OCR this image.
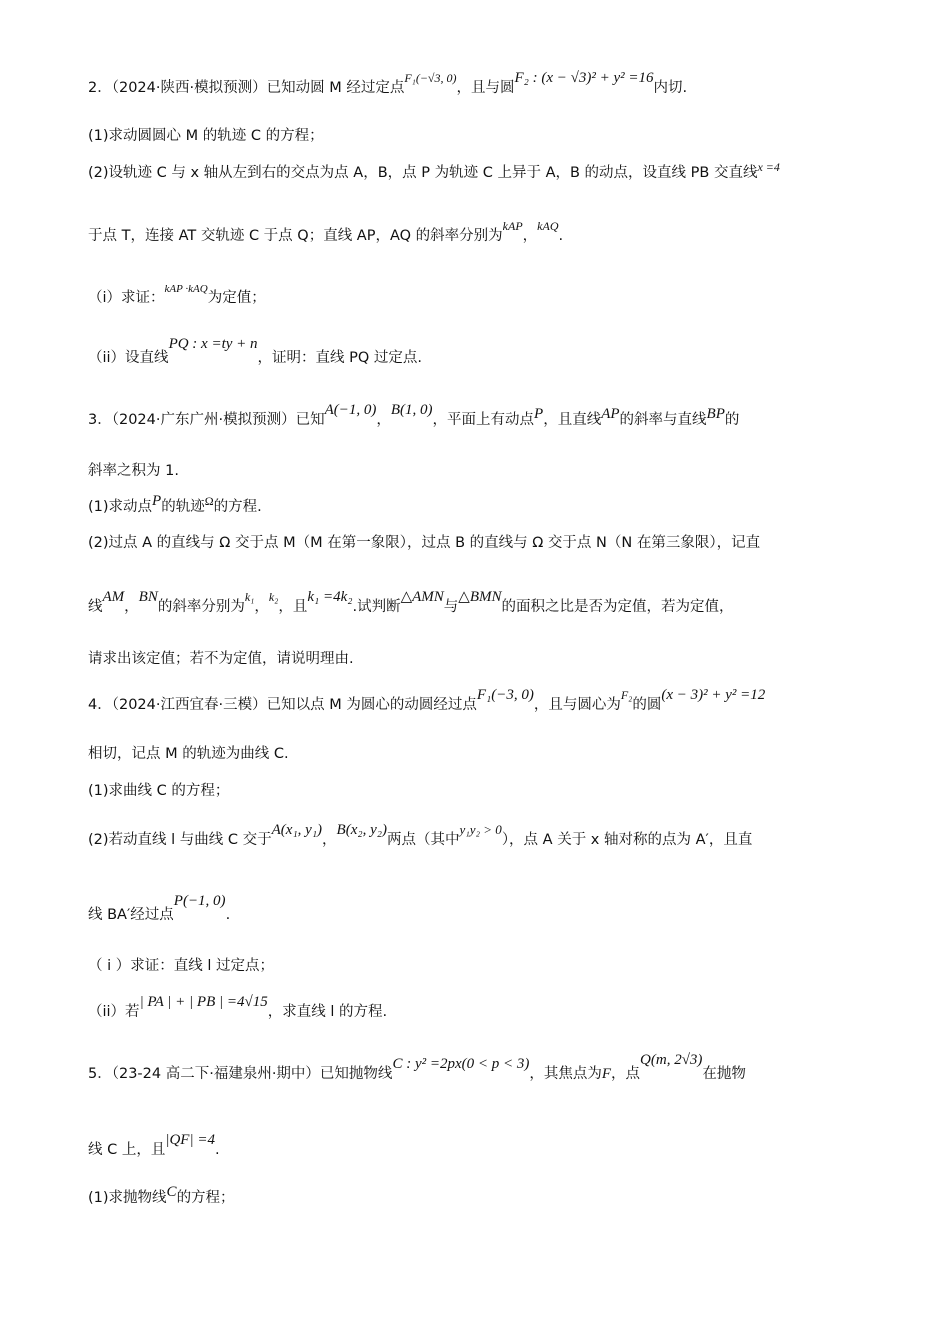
2．（2024·陕西·模拟预测）已知动圆 M 经过定点$^{F_1(-√3, 0)}$，且与圆F₂ : (x − √3)² + y² =16内切.
(1)求动圆圆心 M 的轨迹 C 的方程；
(2)设轨迹 C 与 x 轴从左到右的交点为点 A，B，点 P 为轨迹 C 上异于 A，B 的动点，设直线 PB 交直线$^{x =4}$
于点 T，连接 AT 交轨迹 C 于点 Q；直线 AP，AQ 的斜率分别为$^{kAP}$，$^{kAQ}$.
（i）求证：$^{kAP \cdot kAQ}$为定值；
（ii）设直线PQ : x =ty + n，证明：直线 PQ 过定点.
3．（2024·广东广州·模拟预测）已知A(−1, 0)，B(1, 0)，平面上有动点P，且直线AP的斜率与直线BP的
斜率之积为 1.
(1)求动点P的轨迹$^\Omega$的方程.
(2)过点 A 的直线与 Ω 交于点 M（M 在第一象限），过点 B 的直线与 Ω 交于点 N（N 在第三象限），记直
线AM，BN的斜率分别为$^{k_1}$，$^{k_2}$，且k₁ =4k₂.试判断△AMN与△BMN的面积之比是否为定值，若为定值，
请求出该定值；若不为定值，请说明理由.
4．（2024·江西宜春·三模）已知以点 M 为圆心的动圆经过点F₁(−3, 0)，且与圆心为$^{F_2}$的圆(x − 3)² + y² =12
相切，记点 M 的轨迹为曲线 C.
(1)求曲线 C 的方程；
(2)若动直线 l 与曲线 C 交于A(x₁, y₁)，B(x₂, y₂)两点（其中y₁y₂ > 0），点 A 关于 x 轴对称的点为 A′，且直
线 BA′经过点P(−1, 0).
（ i ）求证：直线 l 过定点；
（ii）若| PA | + | PB | =4√15，求直线 l 的方程.
5．（23-24 高二下·福建泉州·期中）已知抛物线C : y² =2px(0 < p < 3)，其焦点为F，点Q(m, 2√3)在抛物
线 C 上，且|QF| =4.
(1)求抛物线C的方程；
